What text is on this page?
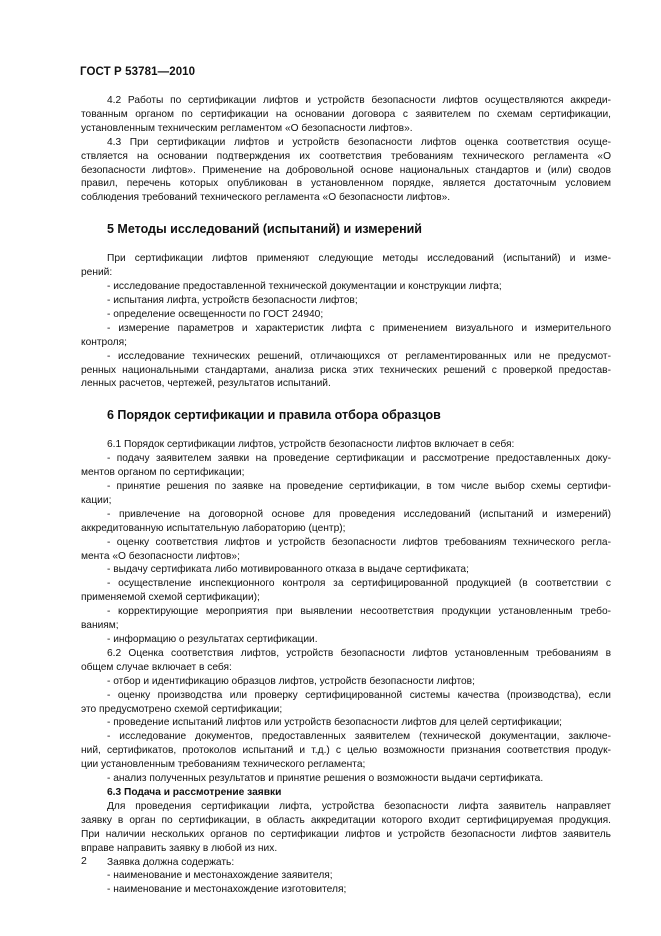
ГОСТ Р 53781—2010
4.2 Работы по сертификации лифтов и устройств безопасности лифтов осуществляются аккреди-
тованным органом по сертификации на основании договора с заявителем по схемам сертификации,
установленным техническим регламентом «О безопасности лифтов».
4.3 При сертификации лифтов и устройств безопасности лифтов оценка соответствия осуще-
ствляется на основании подтверждения их соответствия требованиям технического регламента «О
безопасности лифтов». Применение на добровольной основе национальных стандартов и (или) сводов
правил, перечень которых опубликован в установленном порядке, является достаточным условием
соблюдения требований технического регламента «О безопасности лифтов».
5 Методы исследований (испытаний) и измерений
При сертификации лифтов применяют следующие методы исследований (испытаний) и изме-
рений:
- исследование предоставленной технической документации и конструкции лифта;
- испытания лифта, устройств безопасности лифтов;
- определение освещенности по ГОСТ 24940;
- измерение параметров и характеристик лифта с применением визуального и измерительного
контроля;
- исследование технических решений, отличающихся от регламентированных или не предусмот-
ренных национальными стандартами, анализа риска этих технических решений с проверкой предостав-
ленных расчетов, чертежей, результатов испытаний.
6 Порядок сертификации и правила отбора образцов
6.1 Порядок сертификации лифтов, устройств безопасности лифтов включает в себя:
- подачу заявителем заявки на проведение сертификации и рассмотрение предоставленных доку-
ментов органом по сертификации;
- принятие решения по заявке на проведение сертификации, в том числе выбор схемы сертифи-
кации;
- привлечение на договорной основе для проведения исследований (испытаний и измерений)
аккредитованную испытательную лабораторию (центр);
- оценку соответствия лифтов и устройств безопасности лифтов требованиям технического регла-
мента «О безопасности лифтов»;
- выдачу сертификата либо мотивированного отказа в выдаче сертификата;
- осуществление инспекционного контроля за сертифицированной продукцией (в соответствии с
применяемой схемой сертификации);
- корректирующие мероприятия при выявлении несоответствия продукции установленным требо-
ваниям;
- информацию о результатах сертификации.
6.2 Оценка соответствия лифтов, устройств безопасности лифтов установленным требованиям в
общем случае включает в себя:
- отбор и идентификацию образцов лифтов, устройств безопасности лифтов;
- оценку производства или проверку сертифицированной системы качества (производства), если
это предусмотрено схемой сертификации;
- проведение испытаний лифтов или устройств безопасности лифтов для целей сертификации;
- исследование документов, предоставленных заявителем (технической документации, заключе-
ний, сертификатов, протоколов испытаний и т.д.) с целью возможности признания соответствия продук-
ции установленным требованиям технического регламента;
- анализ полученных результатов и принятие решения о возможности выдачи сертификата.
6.3 Подача и рассмотрение заявки
Для проведения сертификации лифта, устройства безопасности лифта заявитель направляет
заявку в орган по сертификации, в область аккредитации которого входит сертифицируемая продукция.
При наличии нескольких органов по сертификации лифтов и устройств безопасности лифтов заявитель
вправе направить заявку в любой из них.
Заявка должна содержать:
- наименование и местонахождение заявителя;
- наименование и местонахождение изготовителя;
2
